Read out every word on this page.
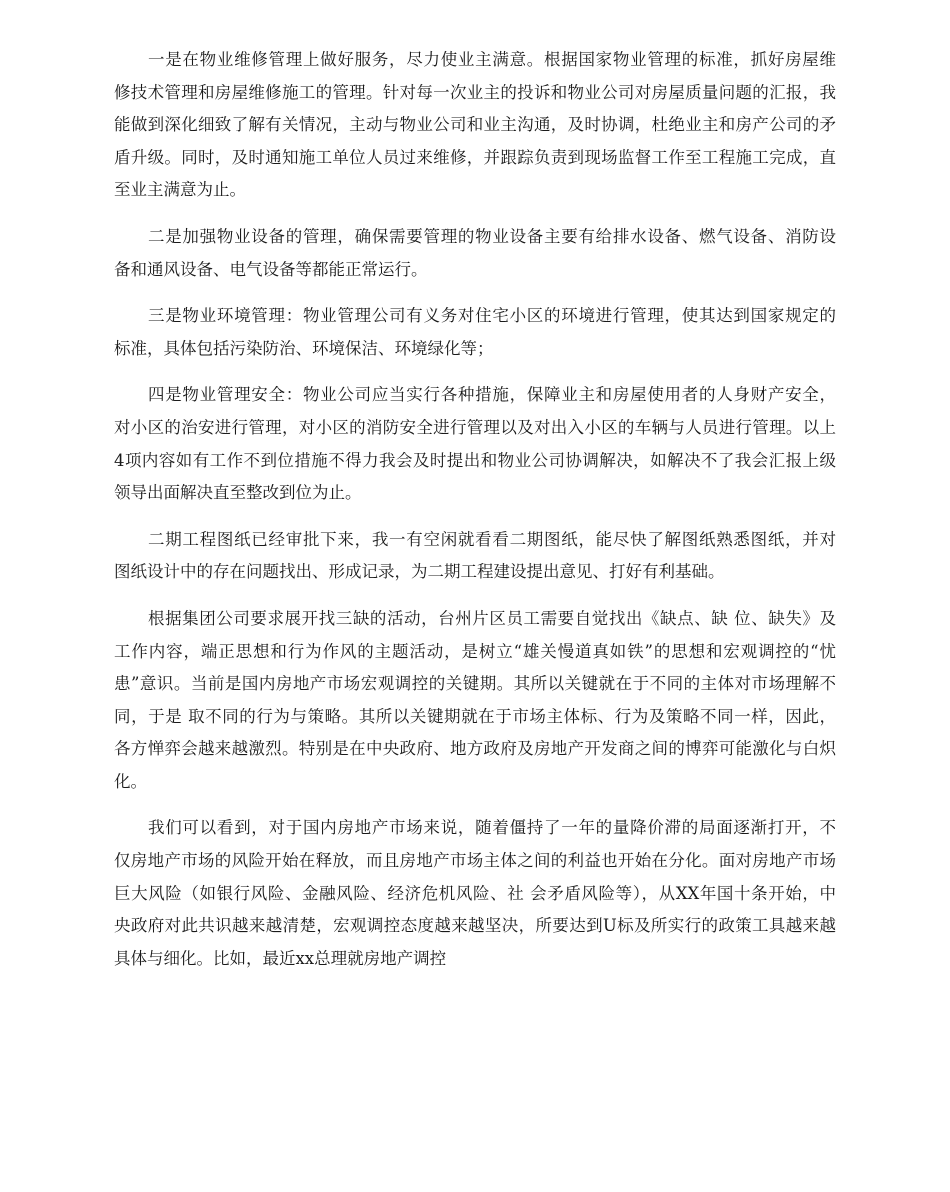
一是在物业维修管理上做好服务，尽力使业主满意。根据国家物业管理的标准，抓好房屋维
修技术管理和房屋维修施工的管理。针对每一次业主的投诉和物业公司对房屋质量问题的汇报，我
能做到深化细致了解有关情况，主动与物业公司和业主沟通，及时协调，杜绝业主和房产公司的矛
盾升级。同时，及时通知施工单位人员过来维修，并跟踪负责到现场监督工作至工程施工完成，直
至业主满意为止。
二是加强物业设备的管理，确保需要管理的物业设备主要有给排水设备、燃气设备、消防设
备和通风设备、电气设备等都能正常运行。
三是物业环境管理：物业管理公司有义务对住宅小区的环境进行管理，使其达到国家规定的
标准，具体包括污染防治、环境保洁、环境绿化等；
四是物业管理安全：物业公司应当实行各种措施，保障业主和房屋使用者的人身财产安全，
对小区的治安进行管理，对小区的消防安全进行管理以及对出入小区的车辆与人员进行管理。以上
4项内容如有工作不到位措施不得力我会及时提出和物业公司协调解决，如解决不了我会汇报上级
领导出面解决直至整改到位为止。
二期工程图纸已经审批下来，我一有空闲就看看二期图纸，能尽快了解图纸熟悉图纸，并对
图纸设计中的存在问题找出、形成记录，为二期工程建设提出意见、打好有利基础。
根据集团公司要求展开找三缺的活动，台州片区员工需要自觉找出《缺点、缺 位、缺失》及
工作内容，端正思想和行为作风的主题活动，是树立“雄关慢道真如铁”的思想和宏观调控的“忧
患”意识。当前是国内房地产市场宏观调控的关键期。其所以关键就在于不同的主体对市场理解不
同，于是 取不同的行为与策略。其所以关键期就在于市场主体标、行为及策略不同一样，因此，
各方惮弈会越来越激烈。特别是在中央政府、地方政府及房地产开发商之间的博弈可能激化与白炽
化。
我们可以看到，对于国内房地产市场来说，随着僵持了一年的量降价滞的局面逐渐打开，不
仅房地产市场的风险开始在释放，而且房地产市场主体之间的利益也开始在分化。面对房地产市场
巨大风险（如银行风险、金融风险、经济危机风险、社 会矛盾风险等），从XX年国十条开始，中
央政府对此共识越来越清楚，宏观调控态度越来越坚决，所要达到U标及所实行的政策工具越来越
具体与细化。比如，最近xx总理就房地产调控
